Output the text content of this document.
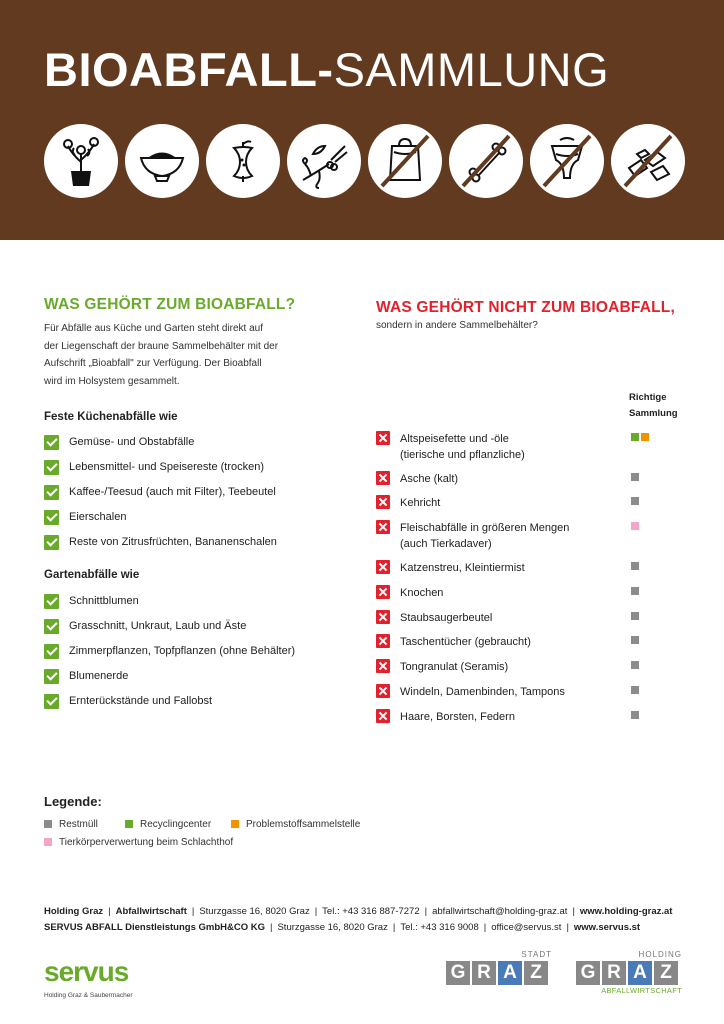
BIOABFALL-SAMMLUNG
WAS GEHÖRT ZUM BIOABFALL?
Für Abfälle aus Küche und Garten steht direkt auf
der Liegenschaft der braune Sammelbehälter mit der
Aufschrift „Bioabfall" zur Verfügung. Der Bioabfall
wird im Holsystem gesammelt.
Feste Küchenabfälle wie
Gemüse- und Obstabfälle
Lebensmittel- und Speisereste (trocken)
Kaffee-/Teesud (auch mit Filter), Teebeutel
Eierschalen
Reste von Zitrusfrüchten, Bananenschalen
Gartenabfälle wie
Schnittblumen
Grasschnitt, Unkraut, Laub und Äste
Zimmerpflanzen, Topfpflanzen (ohne Behälter)
Blumenerde
Ernterückstände und Fallobst
WAS GEHÖRT NICHT ZUM BIOABFALL,
sondern in andere Sammelbehälter?
Richtige
Sammlung
Altspeisefette und -öle
(tierische und pflanzliche)
Asche (kalt)
Kehricht
Fleischabfälle in größeren Mengen
(auch Tierkadaver)
Katzenstreu, Kleintiermist
Knochen
Staubsaugerbeutel
Taschentücher (gebraucht)
Tongranulat (Seramis)
Windeln, Damenbinden, Tampons
Haare, Borsten, Federn
Legende:
Restmüll	Recyclingcenter	Problemstoffsammelstelle
Tierkörperverwertung beim Schlachthof
Holding Graz | Abfallwirtschaft | Sturzgasse 16, 8020 Graz | Tel.: +43 316 887-7272 | abfallwirtschaft@holding-graz.at | www.holding-graz.at
SERVUS ABFALL Dienstleistungs GmbH&CO KG | Sturzgasse 16, 8020 Graz | Tel.: +43 316 9008 | office@servus.st | www.servus.st
servus
Holding Graz & Saubermacher
STADT
G R A Z
HOLDING
G R A Z
ABFALLWIRTSCHAFT
